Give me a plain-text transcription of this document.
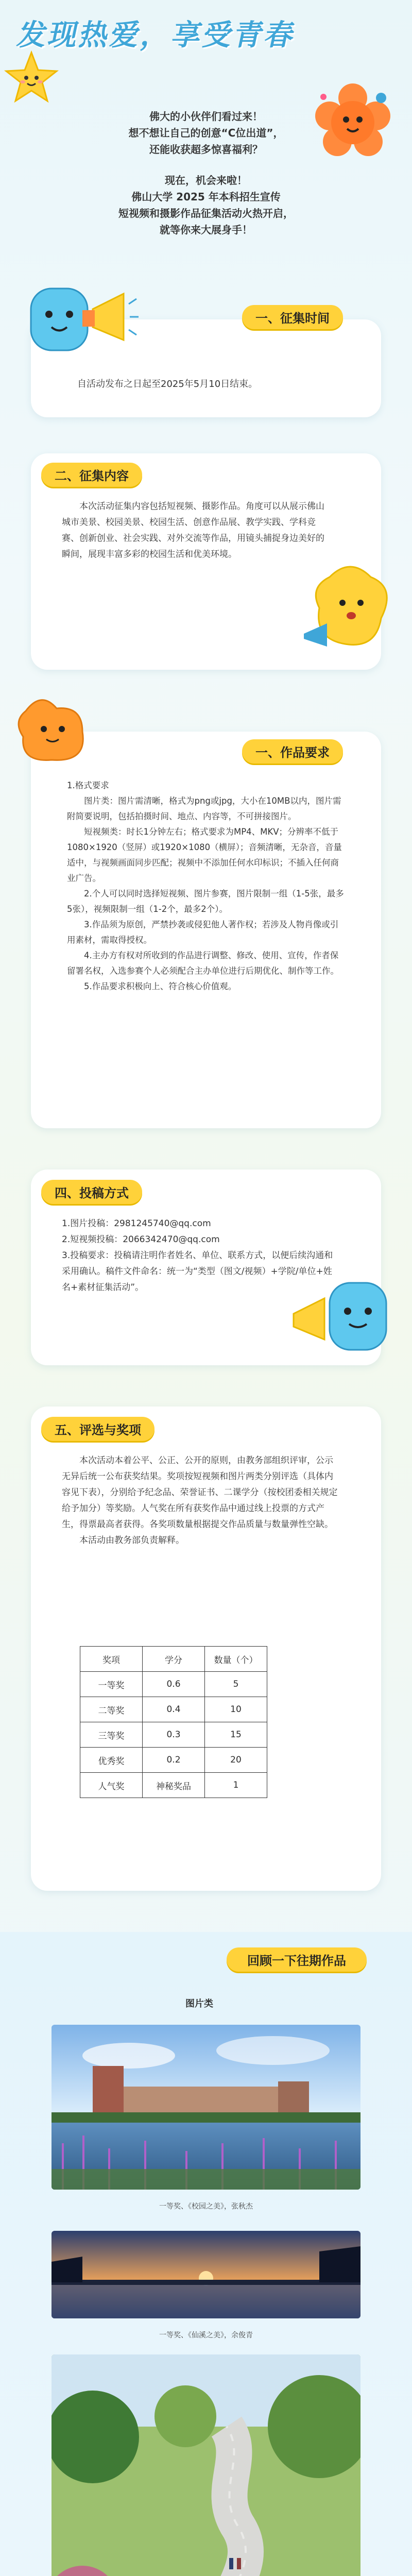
发现热爱，享受青春

佛大的小伙伴们看过来！

想不想让自己的创意“C位出道”，

还能收获超多惊喜福利？

现在，机会来啦！

佛山大学 2025 年本科招生宣传

短视频和摄影作品征集活动火热开启，

就等你来大展身手！

一、征集时间
自活动发布之日起至2025年5月10日结束。
二、征集内容
本次活动征集内容包括短视频、摄影作品。角度可以从展示佛山城市美景、校园美景、校园生活、创意作品展、教学实践、学科竞赛、创新创业、社会实践、对外交流等作品，用镜头捕捉身边美好的瞬间，展现丰富多彩的校园生活和优美环境。
一、作品要求

1.格式要求

图片类：图片需清晰，格式为png或jpg，大小在10MB以内，图片需附简要说明，包括拍摄时间、地点、内容等，不可拼接图片。

短视频类：时长1分钟左右；格式要求为MP4、MKV；分辨率不低于 1080×1920（竖屏）或1920×1080（横屏）；音频清晰，无杂音，音量适中，与视频画面同步匹配；视频中不添加任何水印标识；不插入任何商业广告。

2.个人可以同时选择短视频、图片参赛，图片限制一组（1-5张，最多5张），视频限制一组（1-2个，最多2个）。

3.作品须为原创，严禁抄袭或侵犯他人著作权；若涉及人物肖像或引用素材，需取得授权。

4.主办方有权对所收到的作品进行调整、修改、使用、宣传，作者保留署名权，入选参赛个人必须配合主办单位进行后期优化、制作等工作。

5.作品要求积极向上、符合核心价值观。

四、投稿方式

1.图片投稿：2981245740@qq.com

2.短视频投稿：2066342470@qq.com

3.投稿要求：投稿请注明作者姓名、单位、联系方式，以便后续沟通和采用确认。稿件文件命名：统一为“类型（图文/视频）+学院/单位+姓名+素材征集活动”。

五、评选与奖项

本次活动本着公平、公正、公开的原则，由教务部组织评审，公示无异后统一公布获奖结果。奖项按短视频和图片两类分别评选（具体内容见下表），分别给予纪念品、荣誉证书、二课学分（按校团委相关规定给予加分）等奖励。人气奖在所有获奖作品中通过线上投票的方式产生，得票最高者获得。各奖项数量根据提交作品质量与数量弹性空缺。

本活动由教务部负责解释。

奖项	学分	数量（个）
一等奖	0.6	5
二等奖	0.4	10
三等奖	0.3	15
优秀奖	0.2	20
人气奖	神秘奖品	1
回顾一下往期作品
图片类
一等奖、《校园之美》，张秋杰
一等奖、《仙溪之美》，余俊青
